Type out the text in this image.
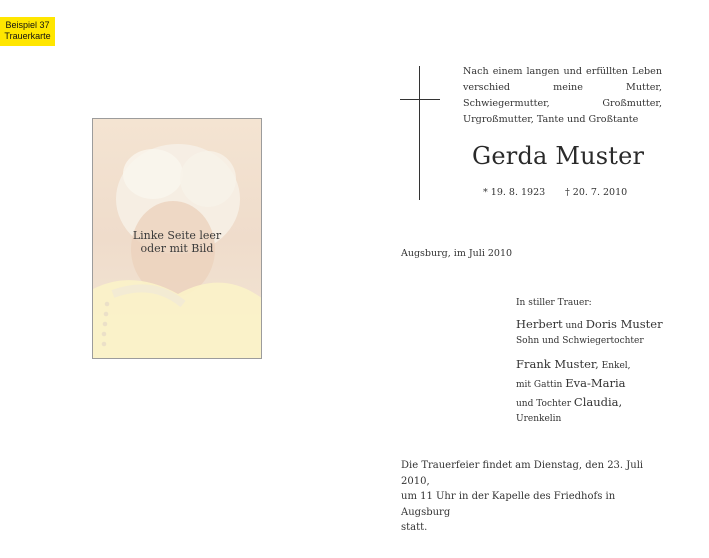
Beispiel 37
Trauerkarte
Linke Seite leer
oder mit Bild
Nach einem langen und erfüllten Leben verschied meine Mutter, Schwiegermutter, Großmutter, Urgroßmutter, Tante und Großtante
Gerda Muster
* 19. 8. 1923 † 20. 7. 2010
Augsburg, im Juli 2010
In stiller Trauer:
Herbert und Doris Muster
Sohn und Schwiegertochter
Frank Muster, Enkel,
mit Gattin Eva-Maria
und Tochter Claudia,
Urenkelin
Die Trauerfeier findet am Dienstag, den 23. Juli 2010,
um 11 Uhr in der Kapelle des Friedhofs in Augsburg
statt.
